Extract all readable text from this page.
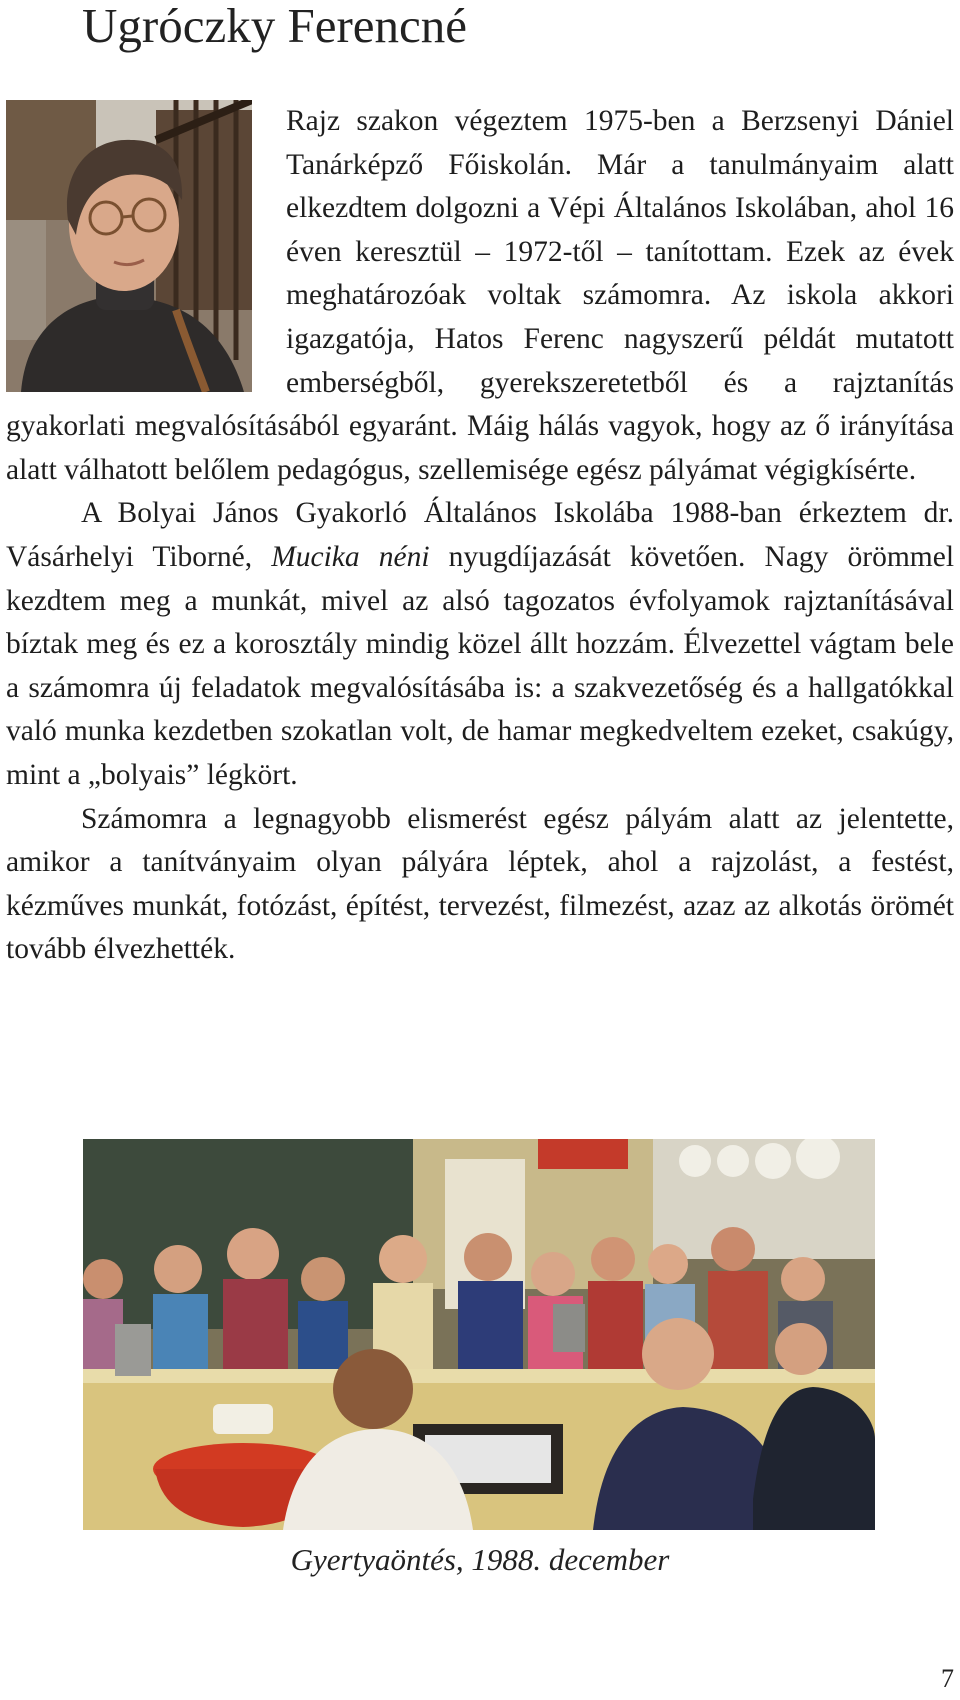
Ugróczky Ferencné

Rajz szakon végeztem 1975-ben a Berzsenyi Dániel Tanárképző Főiskolán. Már a tanulmányaim alatt elkezdtem dolgozni a Vépi Általános Iskolában, ahol 16 éven keresztül – 1972-től – tanítottam. Ezek az évek meghatározóak voltak számomra. Az iskola akkori igazgatója, Hatos Ferenc nagyszerű példát mutatott emberségből, gyerekszeretetből és a rajztanítás gyakorlati megvalósításából egyaránt. Máig hálás vagyok, hogy az ő irányítása alatt válhatott belőlem pedagógus, szellemisége egész pályámat végigkísérte.

A Bolyai János Gyakorló Általános Iskolába 1988-ban érkeztem dr. Vásárhelyi Tiborné, Mucika néni nyugdíjazását követően. Nagy örömmel kezdtem meg a munkát, mivel az alsó tagozatos évfolyamok rajztanításával bíztak meg és ez a korosztály mindig közel állt hozzám. Élvezettel vágtam bele a számomra új feladatok megvalósításába is: a szakvezetőség és a hallgatókkal való munka kezdetben szokatlan volt, de hamar megkedveltem ezeket, csakúgy, mint a „bolyais” légkört.

Számomra a legnagyobb elismerést egész pályám alatt az jelentette, amikor a tanítványaim olyan pályára léptek, ahol a rajzolást, a festést, kézműves munkát, fotózást, építést, tervezést, filmezést, azaz az alkotás örömét tovább élvezhették.

Gyertyaöntés, 1988. december
7
